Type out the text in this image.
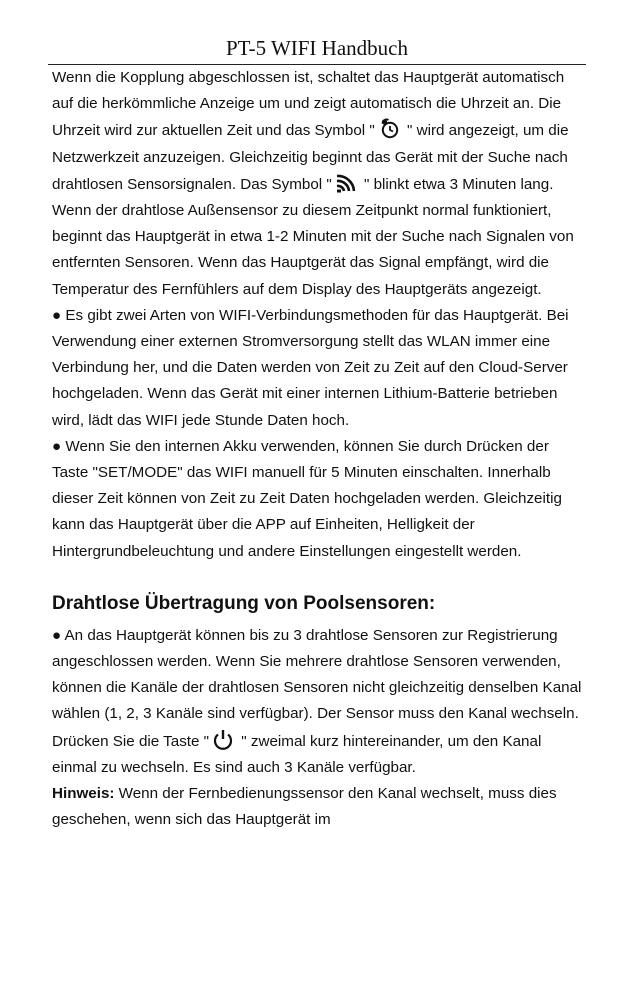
PT-5 WIFI Handbuch

Wenn die Kopplung abgeschlossen ist, schaltet das Hauptgerät automatisch auf die herkömmliche Anzeige um und zeigt automatisch die Uhrzeit an. Die Uhrzeit wird zur aktuellen Zeit und das Symbol " " wird angezeigt, um die Netzwerkzeit anzuzeigen. Gleichzeitig beginnt das Gerät mit der Suche nach drahtlosen Sensorsignalen. Das Symbol " " blinkt etwa 3 Minuten lang. Wenn der drahtlose Außensensor zu diesem Zeitpunkt normal funktioniert, beginnt das Hauptgerät in etwa 1-2 Minuten mit der Suche nach Signalen von entfernten Sensoren. Wenn das Hauptgerät das Signal empfängt, wird die Temperatur des Fernfühlers auf dem Display des Hauptgeräts angezeigt.

● Es gibt zwei Arten von WIFI-Verbindungsmethoden für das Hauptgerät. Bei Verwendung einer externen Stromversorgung stellt das WLAN immer eine Verbindung her, und die Daten werden von Zeit zu Zeit auf den Cloud-Server hochgeladen. Wenn das Gerät mit einer internen Lithium-Batterie betrieben wird, lädt das WIFI jede Stunde Daten hoch.

● Wenn Sie den internen Akku verwenden, können Sie durch Drücken der Taste "SET/MODE" das WIFI manuell für 5 Minuten einschalten. Innerhalb dieser Zeit können von Zeit zu Zeit Daten hochgeladen werden. Gleichzeitig kann das Hauptgerät über die APP auf Einheiten, Helligkeit der Hintergrundbeleuchtung und andere Einstellungen eingestellt werden.

Drahtlose Übertragung von Poolsensoren:

● An das Hauptgerät können bis zu 3 drahtlose Sensoren zur Registrierung angeschlossen werden. Wenn Sie mehrere drahtlose Sensoren verwenden, können die Kanäle der drahtlosen Sensoren nicht gleichzeitig denselben Kanal wählen (1, 2, 3 Kanäle sind verfügbar). Der Sensor muss den Kanal wechseln. Drücken Sie die Taste " " zweimal kurz hintereinander, um den Kanal einmal zu wechseln. Es sind auch 3 Kanäle verfügbar.

Hinweis: Wenn der Fernbedienungssensor den Kanal wechselt, muss dies geschehen, wenn sich das Hauptgerät im
